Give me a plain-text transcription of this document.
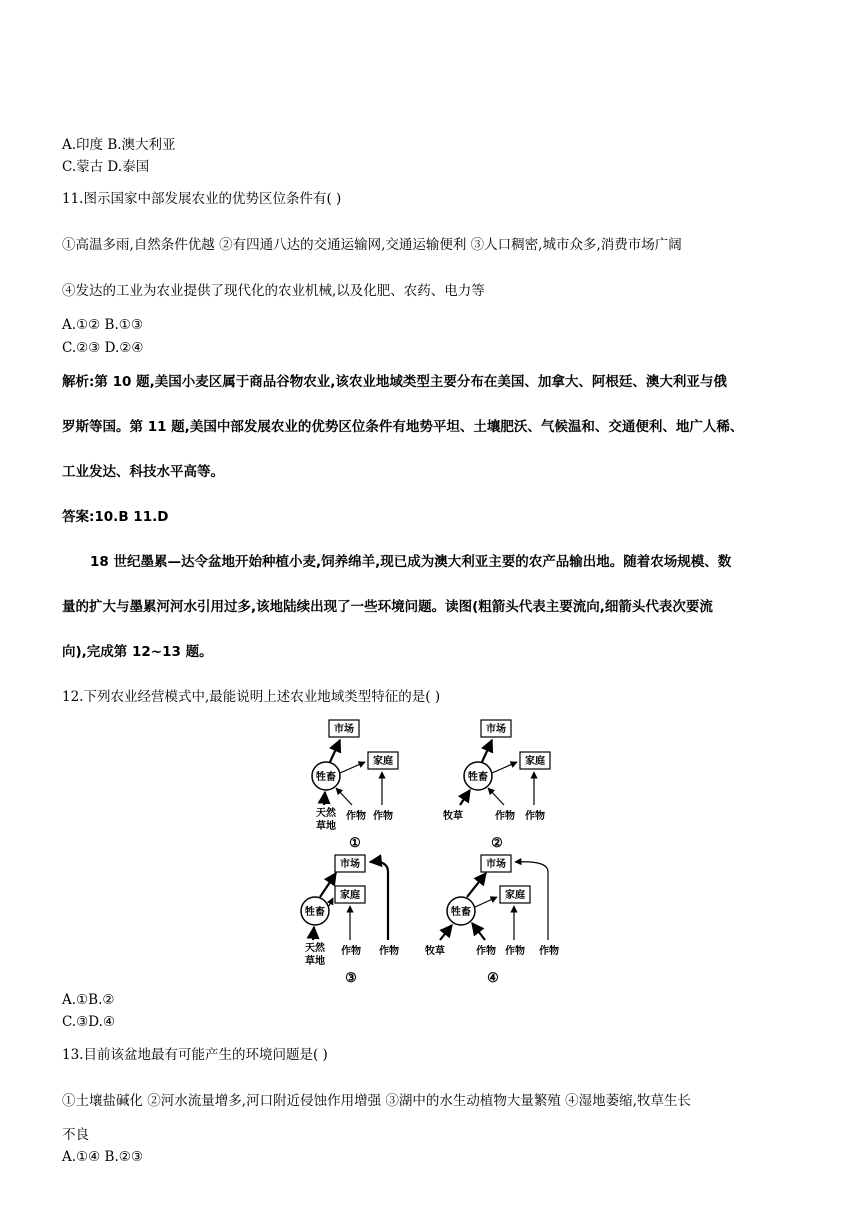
A.印度 B.澳大利亚
C.蒙古 D.泰国
11.图示国家中部发展农业的优势区位条件有( )
①高温多雨,自然条件优越 ②有四通八达的交通运输网,交通运输便利 ③人口稠密,城市众多,消费市场广阔
④发达的工业为农业提供了现代化的农业机械,以及化肥、农药、电力等
A.①② B.①③
C.②③ D.②④
解析:第 10 题,美国小麦区属于商品谷物农业,该农业地域类型主要分布在美国、加拿大、阿根廷、澳大利亚与俄
罗斯等国。第 11 题,美国中部发展农业的优势区位条件有地势平坦、土壤肥沃、气候温和、交通便利、地广人稀、
工业发达、科技水平高等。
答案:10.B 11.D
18 世纪墨累—达令盆地开始种植小麦,饲养绵羊,现已成为澳大利亚主要的农产品输出地。随着农场规模、数
量的扩大与墨累河河水引用过多,该地陆续出现了一些环境问题。读图(粗箭头代表主要流向,细箭头代表次要流
向),完成第 12~13 题。
12.下列农业经营模式中,最能说明上述农业地域类型特征的是( )
市场
家庭
牲畜
天然
草地
作物 作物
①
市场
家庭
牲畜
牧草	作物 作物
②
市场
家庭
牲畜
天然
草地
作物 作物
③
市场
家庭
牲畜
牧草	作物 作物 作物
④
A.①B.②
C.③D.④
13.目前该盆地最有可能产生的环境问题是( )
①土壤盐碱化 ②河水流量增多,河口附近侵蚀作用增强 ③湖中的水生动植物大量繁殖 ④湿地萎缩,牧草生长
不良
A.①④ B.②③
